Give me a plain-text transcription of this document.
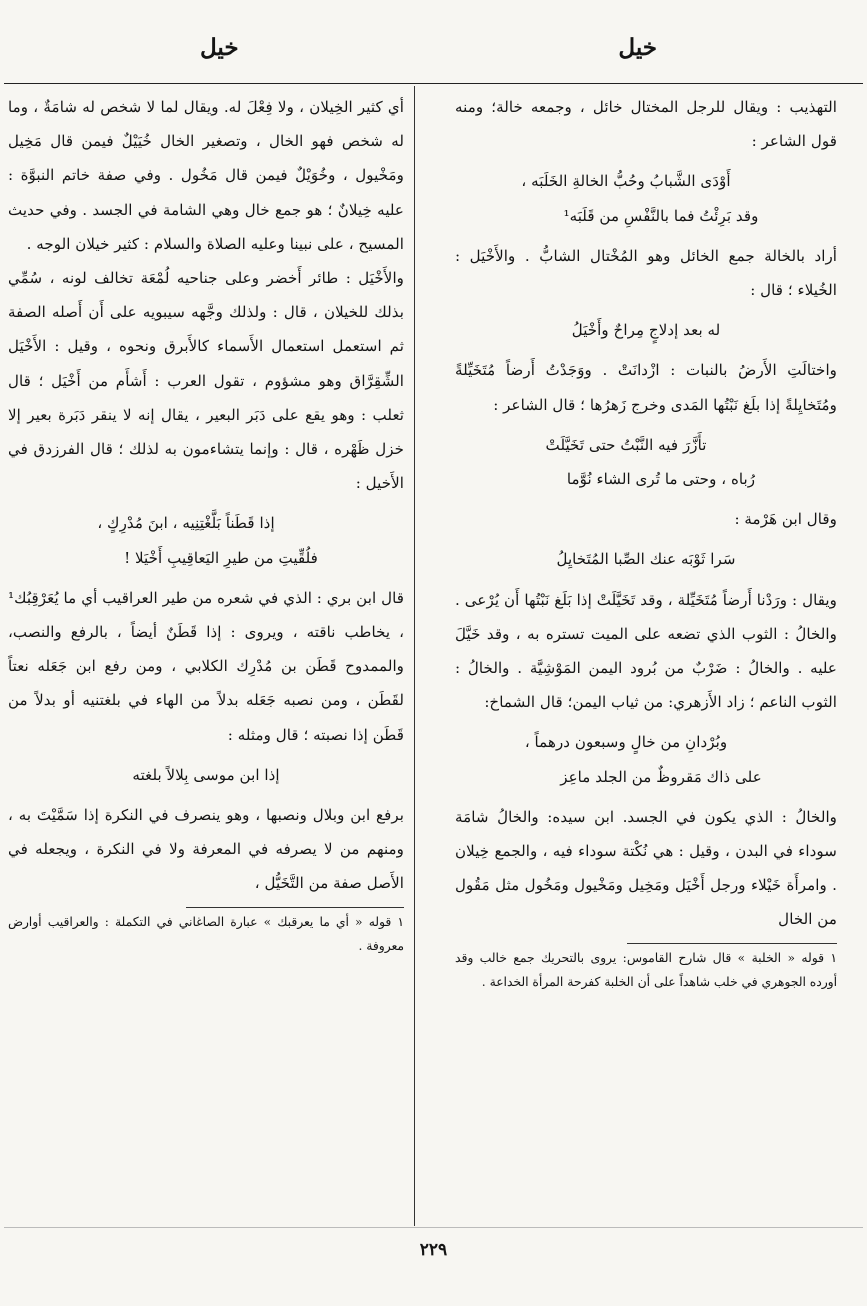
خيل
خيل

التهذيب : ويقال للرجل المختال خائل ، وجمعه خالة؛ ومنه قول الشاعر :

أَوْدَى الشَّبابُ وحُبُّ الخالةِ الخَلَبَه ،

وقد بَرِئْتُ فما بالنَّفْسِ من قَلَبَه¹

أراد بالخالة جمع الخائل وهو المُخْتال الشابُّ . والأَخْيَل : الخُيلاء ؛ قال :

له بعد إدلاجٍ مِراحٌ وأَخْيَلُ

واختالَتِ الأَرضُ بالنبات : ازْدانَتْ . ووَجَدْتُ أَرضاً مُتَخَيِّلةً ومُتَخايِلةً إذا بلَغ نَبْتُها المَدى وخرج زَهرُها ؛ قال الشاعر :

تأَزَّرَ فيه النَّبْتُ حتى تَخَيَّلَتْ

رُباه ، وحتى ما تُرى الشاء نُوَّما

وقال ابن هَرْمة :

سَرا ثَوْبَه عنك الصِّبا المُتَخايِلُ

ويقال : ورَدْنا أَرضاً مُتَخَيِّلة ، وقد تَخَيَّلَتْ إذا بَلَغ نَبْتُها أَن يُرْعى . والخالُ : الثوب الذي تضعه على الميت تستره به ، وقد خَيَّلَ عليه . والخالُ : ضَرْبٌ من بُرود اليمن المَوْشِيَّة . والخالُ : الثوب الناعم ؛ زاد الأَزهري: من ثياب اليمن؛ قال الشماخ:

وبُرْدانِ من خالٍ وسبعون درهماً ،

على ذاك مَقروظٌ من الجلد ماعِز

والخالُ : الذي يكون في الجسد. ابن سيده: والخالُ شامَة سوداء في البدن ، وقيل : هي نُكْتة سوداء فيه ، والجمع خِيلان . وامرأَة خَيْلاء ورجل أَخْيَل ومَخِيل ومَخْيول ومَخُول مثل مَقُول من الخال

١ قوله « الخلبة » قال شارح القاموس: يروى بالتحريك جمع خالب وقد أورده الجوهري في خلب شاهداً على أن الخلبة كفرحة المرأة الخداعة .

أي كثير الخِيلان ، ولا فِعْلَ له. ويقال لما لا شخص له شامَةٌ ، وما له شخص فهو الخال ، وتصغير الخال خُيَيْلٌ فيمن قال مَخِيل ومَخْيول ، وخُوَيْلٌ فيمن قال مَخُول . وفي صفة خاتم النبوَّة : عليه خِيلانٌ ؛ هو جمع خال وهي الشامة في الجسد . وفي حديث المسيح ، على نبينا وعليه الصلاة والسلام : كثير خيلان الوجه .

والأَخْيَل : طائر أَخضر وعلى جناحيه لُمْعَة تخالف لونه ، سُمِّي بذلك للخيلان ، قال : ولذلك وجَّهه سيبويه على أَن أَصله الصفة ثم استعمل استعمال الأَسماء كالأَبرق ونحوه ، وقيل : الأَخْيَل الشِّقِرَّاق وهو مشؤوم ، تقول العرب : أَشأَم من أَخْيَل ؛ قال ثعلب : وهو يقع على دَبَر البعير ، يقال إنه لا ينقر دَبَرة بعير إلا خزل ظَهْره ، قال : وإنما يتشاءمون به لذلك ؛ قال الفرزدق في الأَخيل :

إذا قَطَناً بَلَّغْتِنِيه ، ابنَ مُدْرِكٍ ،

فلُقِّيتِ من طيرِ اليَعاقِيبِ أَخْيَلا !

قال ابن بري : الذي في شعره من طير العراقيب أي ما يُعَرْقِبُك¹ ، يخاطب ناقته ، ويروى : إذا قَطَنٌ أيضاً ، بالرفع والنصب، والممدوح قَطَن بن مُدْرِك الكلابي ، ومن رفع ابن جَعَله نعتاً لقَطَن ، ومن نصبه جَعَله بدلاً من الهاء في بلغتنيه أو بدلاً من قَطَن إذا نصبته ؛ قال ومثله :

إذا ابن موسى بِلالاً بلغته

برفع ابن وبلال ونصبها ، وهو ينصرف في النكرة إذا سَمَّيْتَ به ، ومنهم من لا يصرفه في المعرفة ولا في النكرة ، ويجعله في الأَصل صفة من التَّخَيُّل ،

١ قوله « أي ما يعرقبك » عبارة الصاغاني في التكملة : والعراقيب أوارض معروفة .

٢٢٩
